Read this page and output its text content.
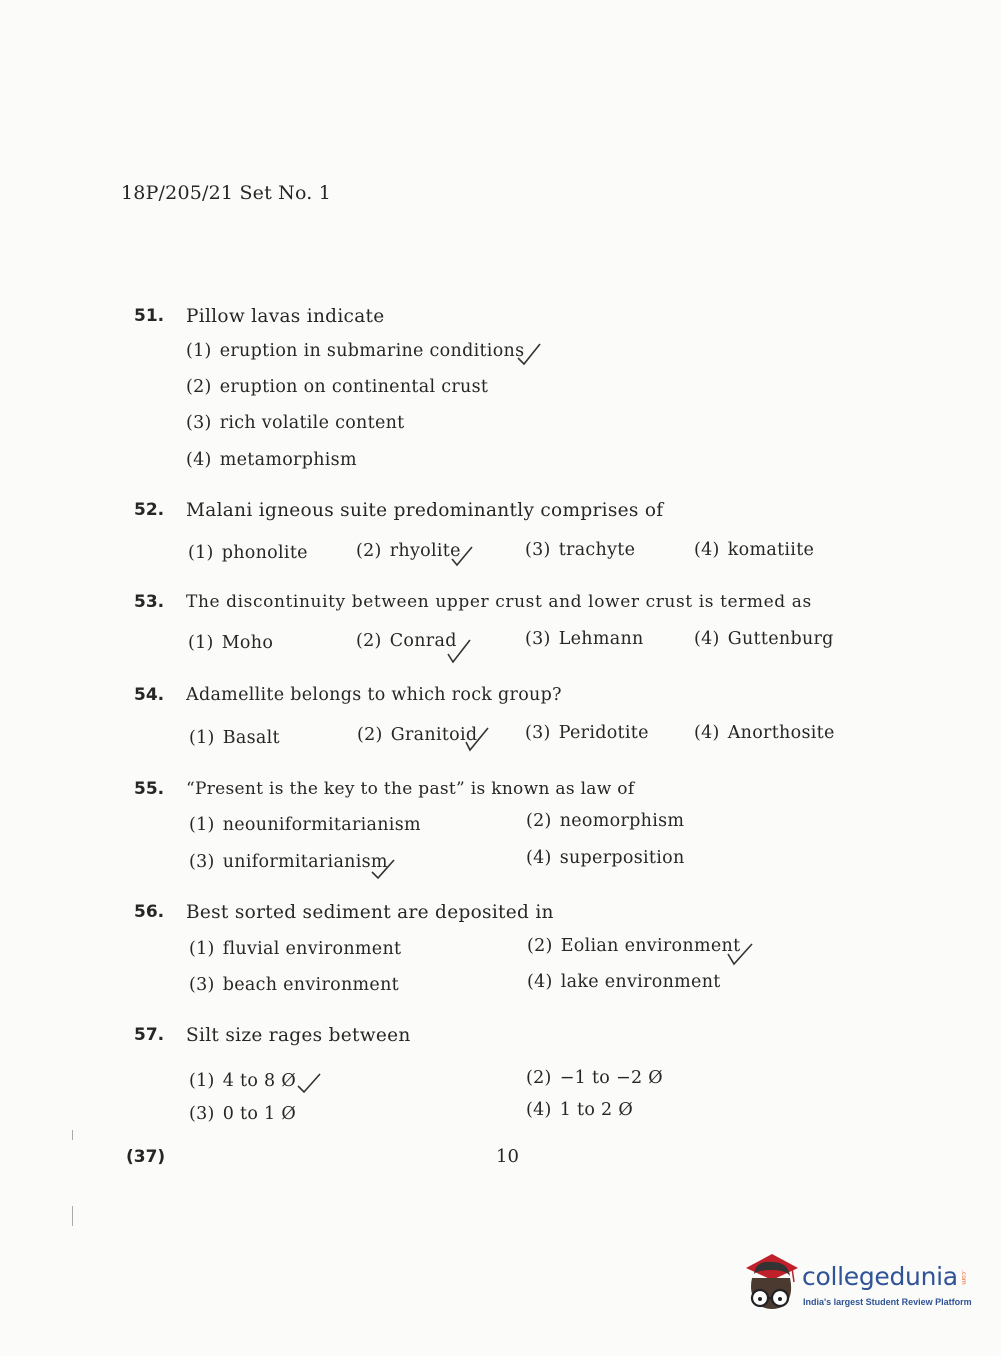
18P/205/21 Set No. 1
51. Pillow lavas indicate
(1) eruption in submarine conditions
(2) eruption on continental crust
(3) rich volatile content
(4) metamorphism
52. Malani igneous suite predominantly comprises of
(1) phonolite	(2) rhyolite	(3) trachyte	(4) komatiite
53. The discontinuity between upper crust and lower crust is termed as
(1) Moho	(2) Conrad	(3) Lehmann	(4) Guttenburg
54. Adamellite belongs to which rock group?
(1) Basalt	(2) Granitoid	(3) Peridotite	(4) Anorthosite
55. “Present is the key to the past” is known as law of
(1) neouniformitarianism	(2) neomorphism
(3) uniformitarianism	(4) superposition
56. Best sorted sediment are deposited in
(1) fluvial environment	(2) Eolian environment
(3) beach environment	(4) lake environment
57. Silt size rages between
(1) 4 to 8 Ø	(2) −1 to −2 Ø
(3) 0 to 1 Ø	(4) 1 to 2 Ø
(37)	10
collegedunia .com
India's largest Student Review Platform
